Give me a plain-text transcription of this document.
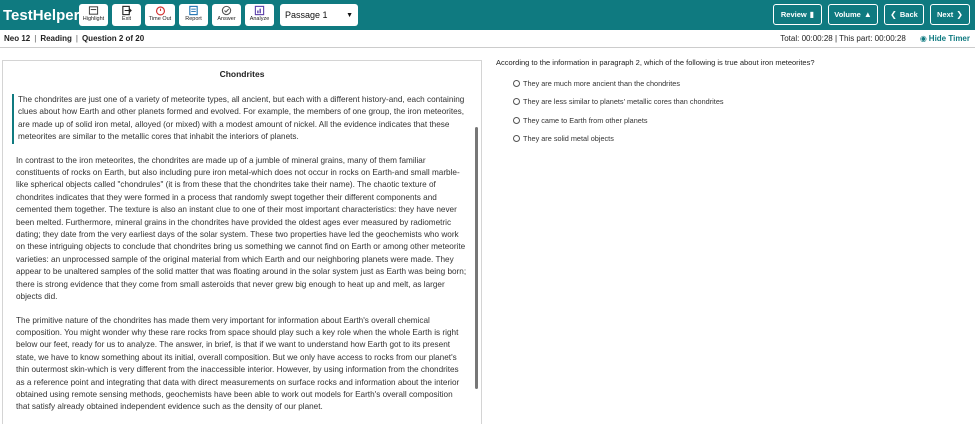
TestHelper Highlight	Exit	Time Out	Report	Answer	Analyze Passage 1	▼	Review ▮	Volume ▲ ❮ Back	Next ❯
Neo 12 | Reading | Question 2 of 20	Total: 00:00:28 | This part: 00:00:28 ◉ Hide Timer
Chondrites

The chondrites are just one of a variety of meteorite types, all ancient, but each with a different history-and, each containing clues about how Earth and other planets formed and evolved. For example, the members of one group, the iron meteorites, are made up of solid iron metal, alloyed (or mixed) with a modest amount of nickel. All the evidence indicates that these meteorites are similar to the metallic cores that inhabit the interiors of planets.

In contrast to the iron meteorites, the chondrites are made up of a jumble of mineral grains, many of them familiar constituents of rocks on Earth, but also including pure iron metal-which does not occur in rocks on Earth-and small marble-like spherical objects called "chondrules" (it is from these that the chondrites take their name). The chaotic texture of chondrites indicates that they were formed in a process that randomly swept together their different components and cemented them together. The texture is also an instant clue to one of their most important characteristics: they have never been melted. Furthermore, mineral grains in the chondrites have provided the oldest ages ever measured by radiometric dating; they date from the very earliest days of the solar system. These two properties have led the geochemists who work on these intriguing objects to conclude that chondrites bring us something we cannot find on Earth or among other meteorite varieties: an unprocessed sample of the original material from which Earth and our neighboring planets were made. They appear to be unaltered samples of the solid matter that was floating around in the solar system just as Earth was being born; there is strong evidence that they come from small asteroids that never grew big enough to heat up and melt, as larger objects did.

The primitive nature of the chondrites has made them very important for information about Earth's overall chemical composition. You might wonder why these rare rocks from space should play such a key role when the whole Earth is right below our feet, ready for us to analyze. The answer, in brief, is that if we want to understand how Earth got to its present state, we have to know something about its initial, overall composition. But we only have access to rocks from our planet's thin outermost skin-which is very different from the inaccessible interior. However, by using information from the chondrites as a reference point and integrating that data with direct measurements on surface rocks and information about the interior obtained using remote sensing methods, geochemists have been able to work out models for Earth's overall composition that satisfy already obtained independent evidence such as the density of our planet.

According to the information in paragraph 2, which of the following is true about iron meteorites?
They are much more ancient than the chondrites
They are less similar to planets' metallic cores than chondrites
They came to Earth from other planets
They are solid metal objects
